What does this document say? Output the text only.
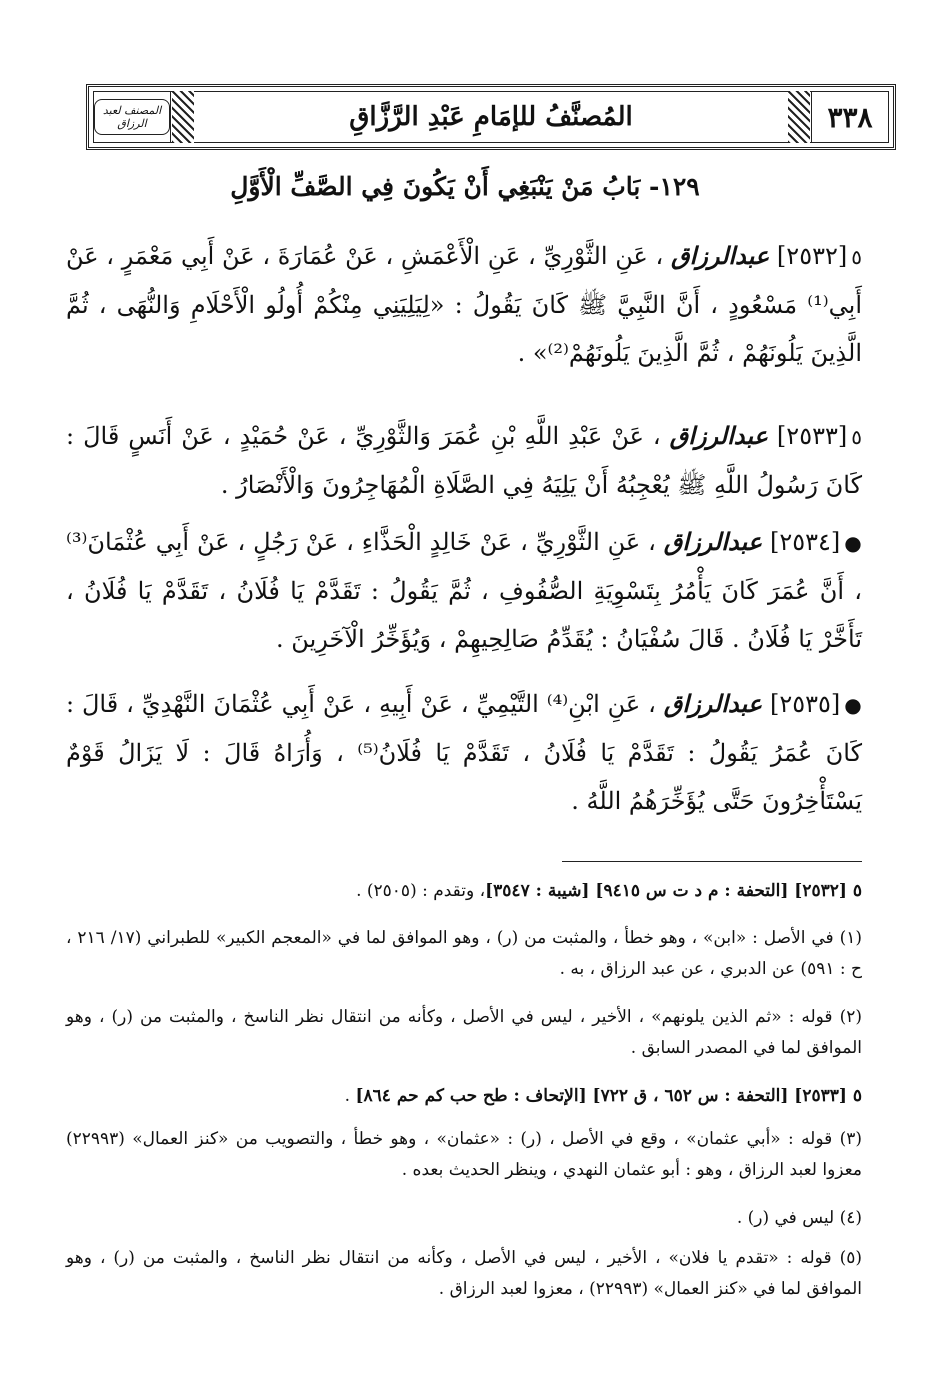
المُصنَّفُ للإمَامِ عَبْدِ الرَّزَّاقِ	٣٣٨
المصنف لعبد الرزاق
١٢٩- بَابُ مَنْ يَنْبَغِي أَنْ يَكُونَ فِي الصَّفِّ الْأَوَّلِ
٥[٢٥٣٢] عبدالرزاق ، عَنِ الثَّوْرِيِّ ، عَنِ الْأَعْمَشِ ، عَنْ عُمَارَةَ ، عَنْ أَبِي مَعْمَرٍ ، عَنْ أَبِي⁽¹⁾ مَسْعُودٍ ، أَنَّ النَّبِيَّ ﷺ كَانَ يَقُولُ : «لِيَلِيَنِي مِنْكُمْ أُولُو الْأَحْلَامِ وَالنُّهَى ، ثُمَّ الَّذِينَ يَلُونَهُمْ ، ثُمَّ الَّذِينَ يَلُونَهُمْ⁽²⁾» .
٥[٢٥٣٣] عبدالرزاق ، عَنْ عَبْدِ اللَّهِ بْنِ عُمَرَ وَالثَّوْرِيِّ ، عَنْ حُمَيْدٍ ، عَنْ أَنَسٍ قَالَ : كَانَ رَسُولُ اللَّهِ ﷺ يُعْجِبُهُ أَنْ يَلِيَهُ فِي الصَّلَاةِ الْمُهَاجِرُونَ وَالْأَنْصَارُ .
●[٢٥٣٤] عبدالرزاق ، عَنِ الثَّوْرِيِّ ، عَنْ خَالِدٍ الْحَذَّاءِ ، عَنْ رَجُلٍ ، عَنْ أَبِي عُثْمَانَ⁽³⁾ ، أَنَّ عُمَرَ كَانَ يَأْمُرُ بِتَسْوِيَةِ الصُّفُوفِ ، ثُمَّ يَقُولُ : تَقَدَّمْ يَا فُلَانُ ، تَقَدَّمْ يَا فُلَانُ ، تَأَخَّرْ يَا فُلَانُ . قَالَ سُفْيَانُ : يُقَدِّمُ صَالِحِيهِمْ ، وَيُؤَخِّرُ الْآخَرِينَ .
●[٢٥٣٥] عبدالرزاق ، عَنِ ابْنِ⁽⁴⁾ التَّيْمِيِّ ، عَنْ أَبِيهِ ، عَنْ أَبِي عُثْمَانَ النَّهْدِيِّ ، قَالَ : كَانَ عُمَرُ يَقُولُ : تَقَدَّمْ يَا فُلَانُ ، تَقَدَّمْ يَا فُلَانُ⁽⁵⁾ ، وَأُرَاهُ قَالَ : لَا يَزَالُ قَوْمٌ يَسْتَأْخِرُونَ حَتَّى يُؤَخِّرَهُمُ اللَّهُ .
٥ [٢٥٣٢] [التحفة : م د ت س ٩٤١٥] [شيبة : ٣٥٤٧]، وتقدم : (٢٥٠٥) .
(١) في الأصل : «ابن» ، وهو خطأ ، والمثبت من (ر) ، وهو الموافق لما في «المعجم الكبير» للطبراني (١٧/ ٢١٦ ، ح : ٥٩١) عن الدبري ، عن عبد الرزاق ، به .
(٢) قوله : «ثم الذين يلونهم» ، الأخير ، ليس في الأصل ، وكأنه من انتقال نظر الناسخ ، والمثبت من (ر) ، وهو الموافق لما في المصدر السابق .
٥ [٢٥٣٣] [التحفة : س ٦٥٢ ، ق ٧٢٢] [الإتحاف : طح حب كم حم ٨٦٤] .
(٣) قوله : «أبي عثمان» ، وقع في الأصل ، (ر) : «عثمان» ، وهو خطأ ، والتصويب من «كنز العمال» (٢٢٩٩٣) معزوا لعبد الرزاق ، وهو : أبو عثمان النهدي ، وينظر الحديث بعده .
(٤) ليس في (ر) .
(٥) قوله : «تقدم يا فلان» ، الأخير ، ليس في الأصل ، وكأنه من انتقال نظر الناسخ ، والمثبت من (ر) ، وهو الموافق لما في «كنز العمال» (٢٢٩٩٣) ، معزوا لعبد الرزاق .
